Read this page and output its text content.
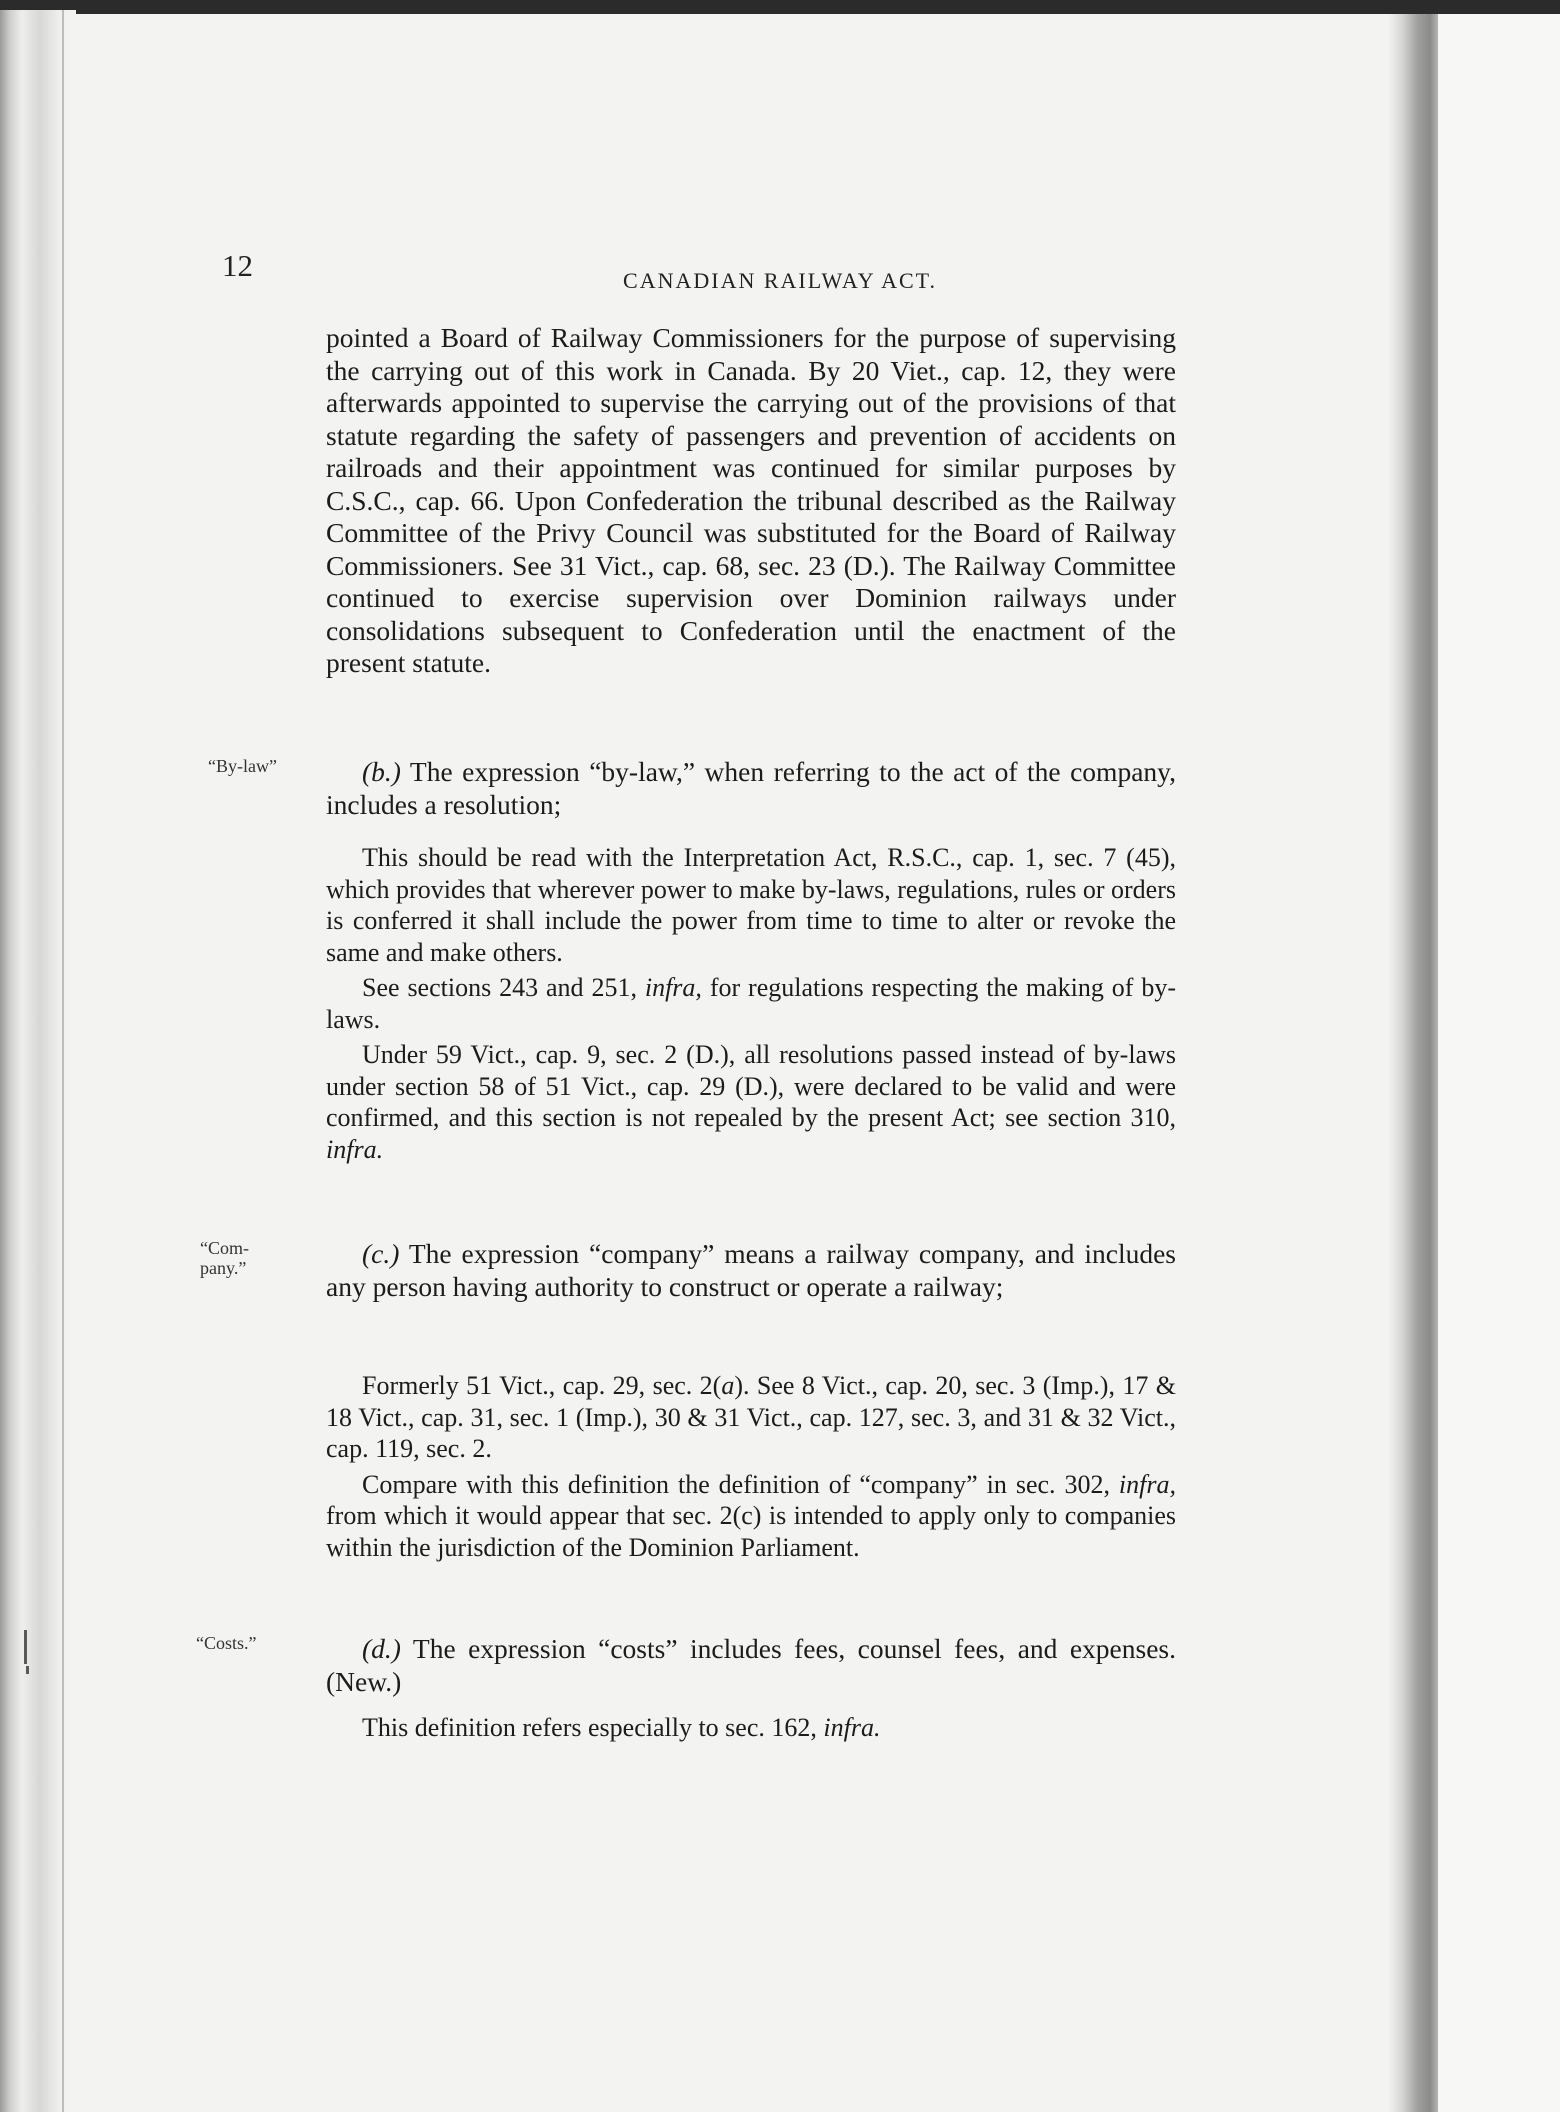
12	CANADIAN RAILWAY ACT.
“By-law”
“Com-
pany.”
“Costs.”

pointed a Board of Railway Commissioners for the purpose of supervising the carrying out of this work in Canada. By 20 Viet., cap. 12, they were afterwards appointed to supervise the carrying out of the provisions of that statute regarding the safety of passengers and prevention of accidents on railroads and their appointment was continued for similar purposes by C.S.C., cap. 66. Upon Confederation the tribunal described as the Railway Committee of the Privy Council was substituted for the Board of Railway Commissioners. See 31 Vict., cap. 68, sec. 23 (D.). The Railway Committee continued to exercise supervision over Dominion railways under consolidations subsequent to Confederation until the enactment of the present statute.

(b.) The expression “by-law,” when referring to the act of the company, includes a resolution;

This should be read with the Interpretation Act, R.S.C., cap. 1, sec. 7 (45), which provides that wherever power to make by-laws, regulations, rules or orders is conferred it shall include the power from time to time to alter or revoke the same and make others.

See sections 243 and 251, infra, for regulations respecting the making of by-laws.

Under 59 Vict., cap. 9, sec. 2 (D.), all resolutions passed instead of by-laws under section 58 of 51 Vict., cap. 29 (D.), were declared to be valid and were confirmed, and this section is not repealed by the present Act; see section 310, infra.

(c.) The expression “company” means a railway company, and includes any person having authority to construct or operate a railway;

Formerly 51 Vict., cap. 29, sec. 2(a). See 8 Vict., cap. 20, sec. 3 (Imp.), 17 & 18 Vict., cap. 31, sec. 1 (Imp.), 30 & 31 Vict., cap. 127, sec. 3, and 31 & 32 Vict., cap. 119, sec. 2.

Compare with this definition the definition of “company” in sec. 302, infra, from which it would appear that sec. 2(c) is intended to apply only to companies within the jurisdiction of the Dominion Parliament.

(d.) The expression “costs” includes fees, counsel fees, and expenses. (New.)

This definition refers especially to sec. 162, infra.
